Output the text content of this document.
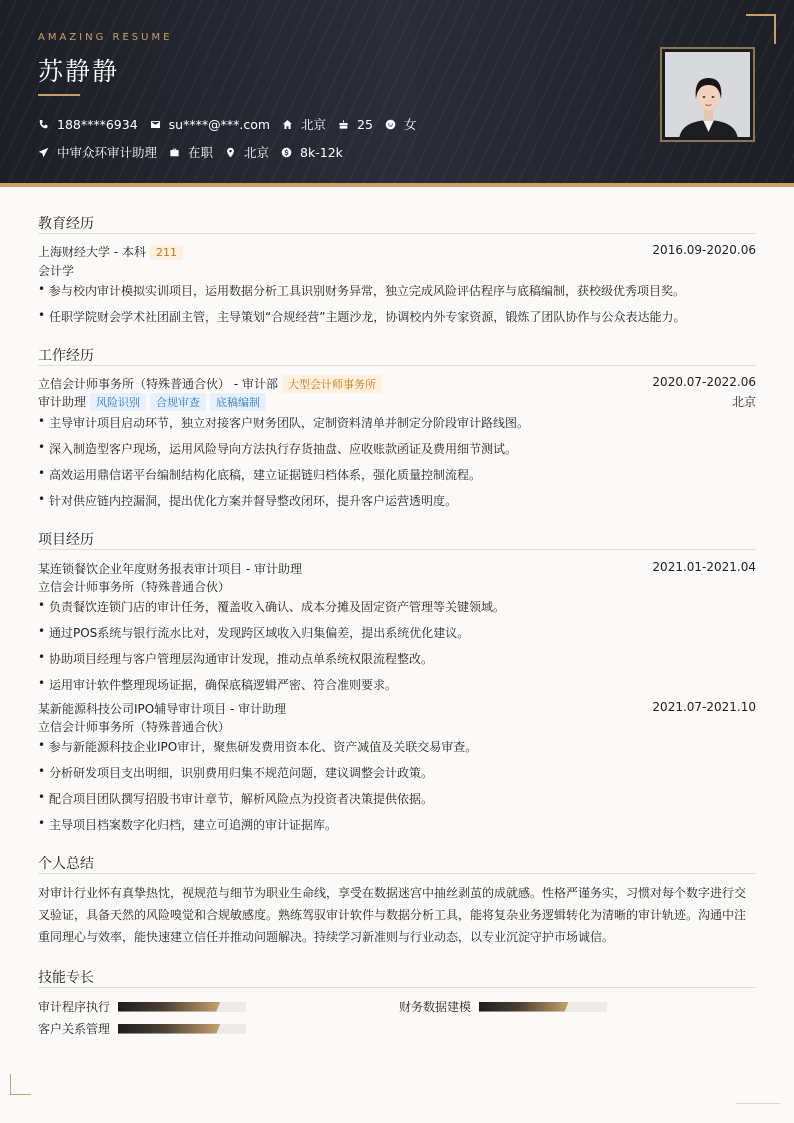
AMAZING RESUME
苏静静
188****6934 su****@***.com 北京 25 女
中审众环审计助理 在职 北京 8k-12k
教育经历
上海财经大学 - 本科 211	2016.09-2020.06
会计学
• 参与校内审计模拟实训项目，运用数据分析工具识别财务异常，独立完成风险评估程序与底稿编制，获校级优秀项目奖。
• 任职学院财会学术社团副主管，主导策划“合规经营”主题沙龙，协调校内外专家资源，锻炼了团队协作与公众表达能力。
工作经历
立信会计师事务所（特殊普通合伙） - 审计部 大型会计师事务所	2020.07-2022.06
审计助理 风险识别 合规审查 底稿编制	北京
• 主导审计项目启动环节，独立对接客户财务团队，定制资料清单并制定分阶段审计路线图。
• 深入制造型客户现场，运用风险导向方法执行存货抽盘、应收账款函证及费用细节测试。
• 高效运用鼎信诺平台编制结构化底稿，建立证据链归档体系，强化质量控制流程。
• 针对供应链内控漏洞，提出优化方案并督导整改闭环，提升客户运营透明度。
项目经历
某连锁餐饮企业年度财务报表审计项目 - 审计助理	2021.01-2021.04
立信会计师事务所（特殊普通合伙）
• 负责餐饮连锁门店的审计任务，覆盖收入确认、成本分摊及固定资产管理等关键领域。
• 通过POS系统与银行流水比对，发现跨区域收入归集偏差，提出系统优化建议。
• 协助项目经理与客户管理层沟通审计发现，推动点单系统权限流程整改。
• 运用审计软件整理现场证据，确保底稿逻辑严密、符合准则要求。
某新能源科技公司IPO辅导审计项目 - 审计助理	2021.07-2021.10
立信会计师事务所（特殊普通合伙）
• 参与新能源科技企业IPO审计，聚焦研发费用资本化、资产减值及关联交易审查。
• 分析研发项目支出明细，识别费用归集不规范问题，建议调整会计政策。
• 配合项目团队撰写招股书审计章节，解析风险点为投资者决策提供依据。
• 主导项目档案数字化归档，建立可追溯的审计证据库。
个人总结
对审计行业怀有真挚热忱，视规范与细节为职业生命线，享受在数据迷宫中抽丝剥茧的成就感。性格严谨务实，习惯对每个数字进行交叉验证，具备天然的风险嗅觉和合规敏感度。熟练驾驭审计软件与数据分析工具，能将复杂业务逻辑转化为清晰的审计轨迹。沟通中注重同理心与效率，能快速建立信任并推动问题解决。持续学习新准则与行业动态，以专业沉淀守护市场诚信。
技能专长
审计程序执行	财务数据建模
客户关系管理
